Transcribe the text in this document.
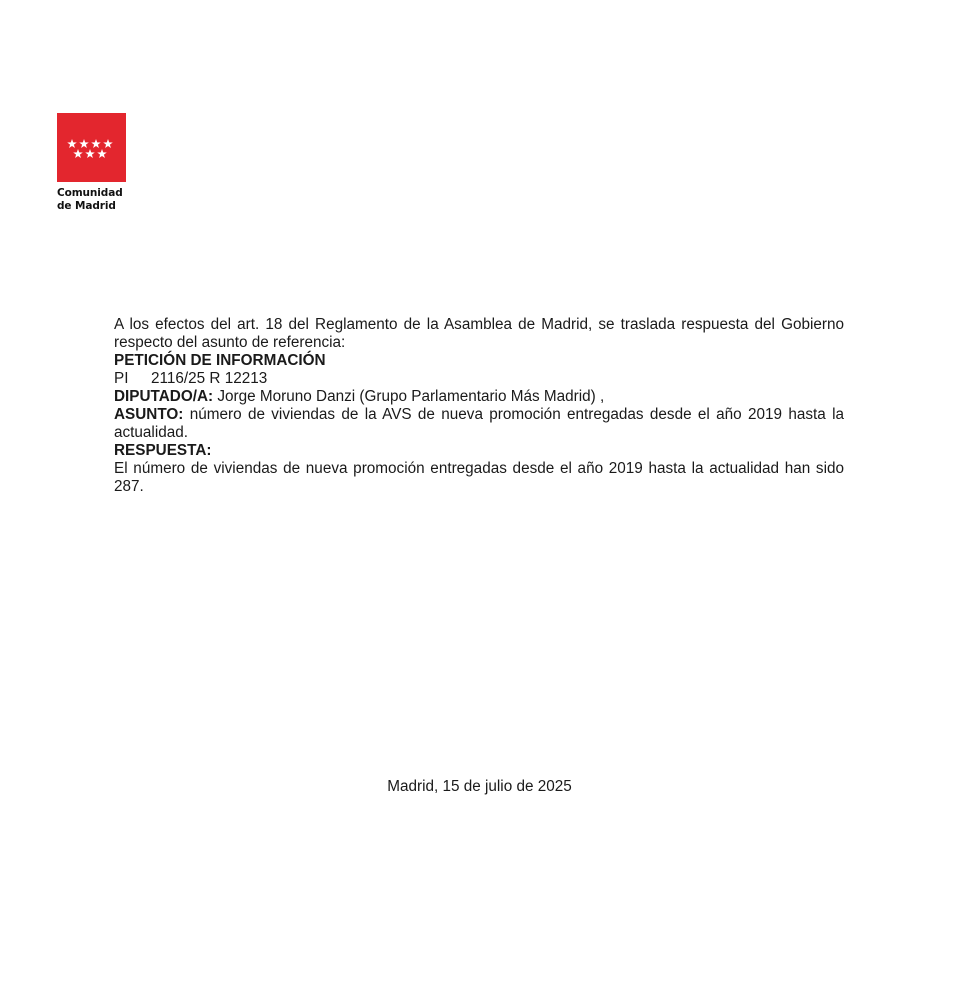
Comunidad
de Madrid

A los efectos del art. 18 del Reglamento de la Asamblea de Madrid, se traslada respuesta del Gobierno respecto del asunto de referencia:

PETICIÓN DE INFORMACIÓN

PI 2116/25 R 12213

DIPUTADO/A: Jorge Moruno Danzi (Grupo Parlamentario Más Madrid) ,

ASUNTO: número de viviendas de la AVS de nueva promoción entregadas desde el año 2019 hasta la actualidad.

RESPUESTA:

El número de viviendas de nueva promoción entregadas desde el año 2019 hasta la actualidad han sido 287.

Madrid, 15 de julio de 2025
